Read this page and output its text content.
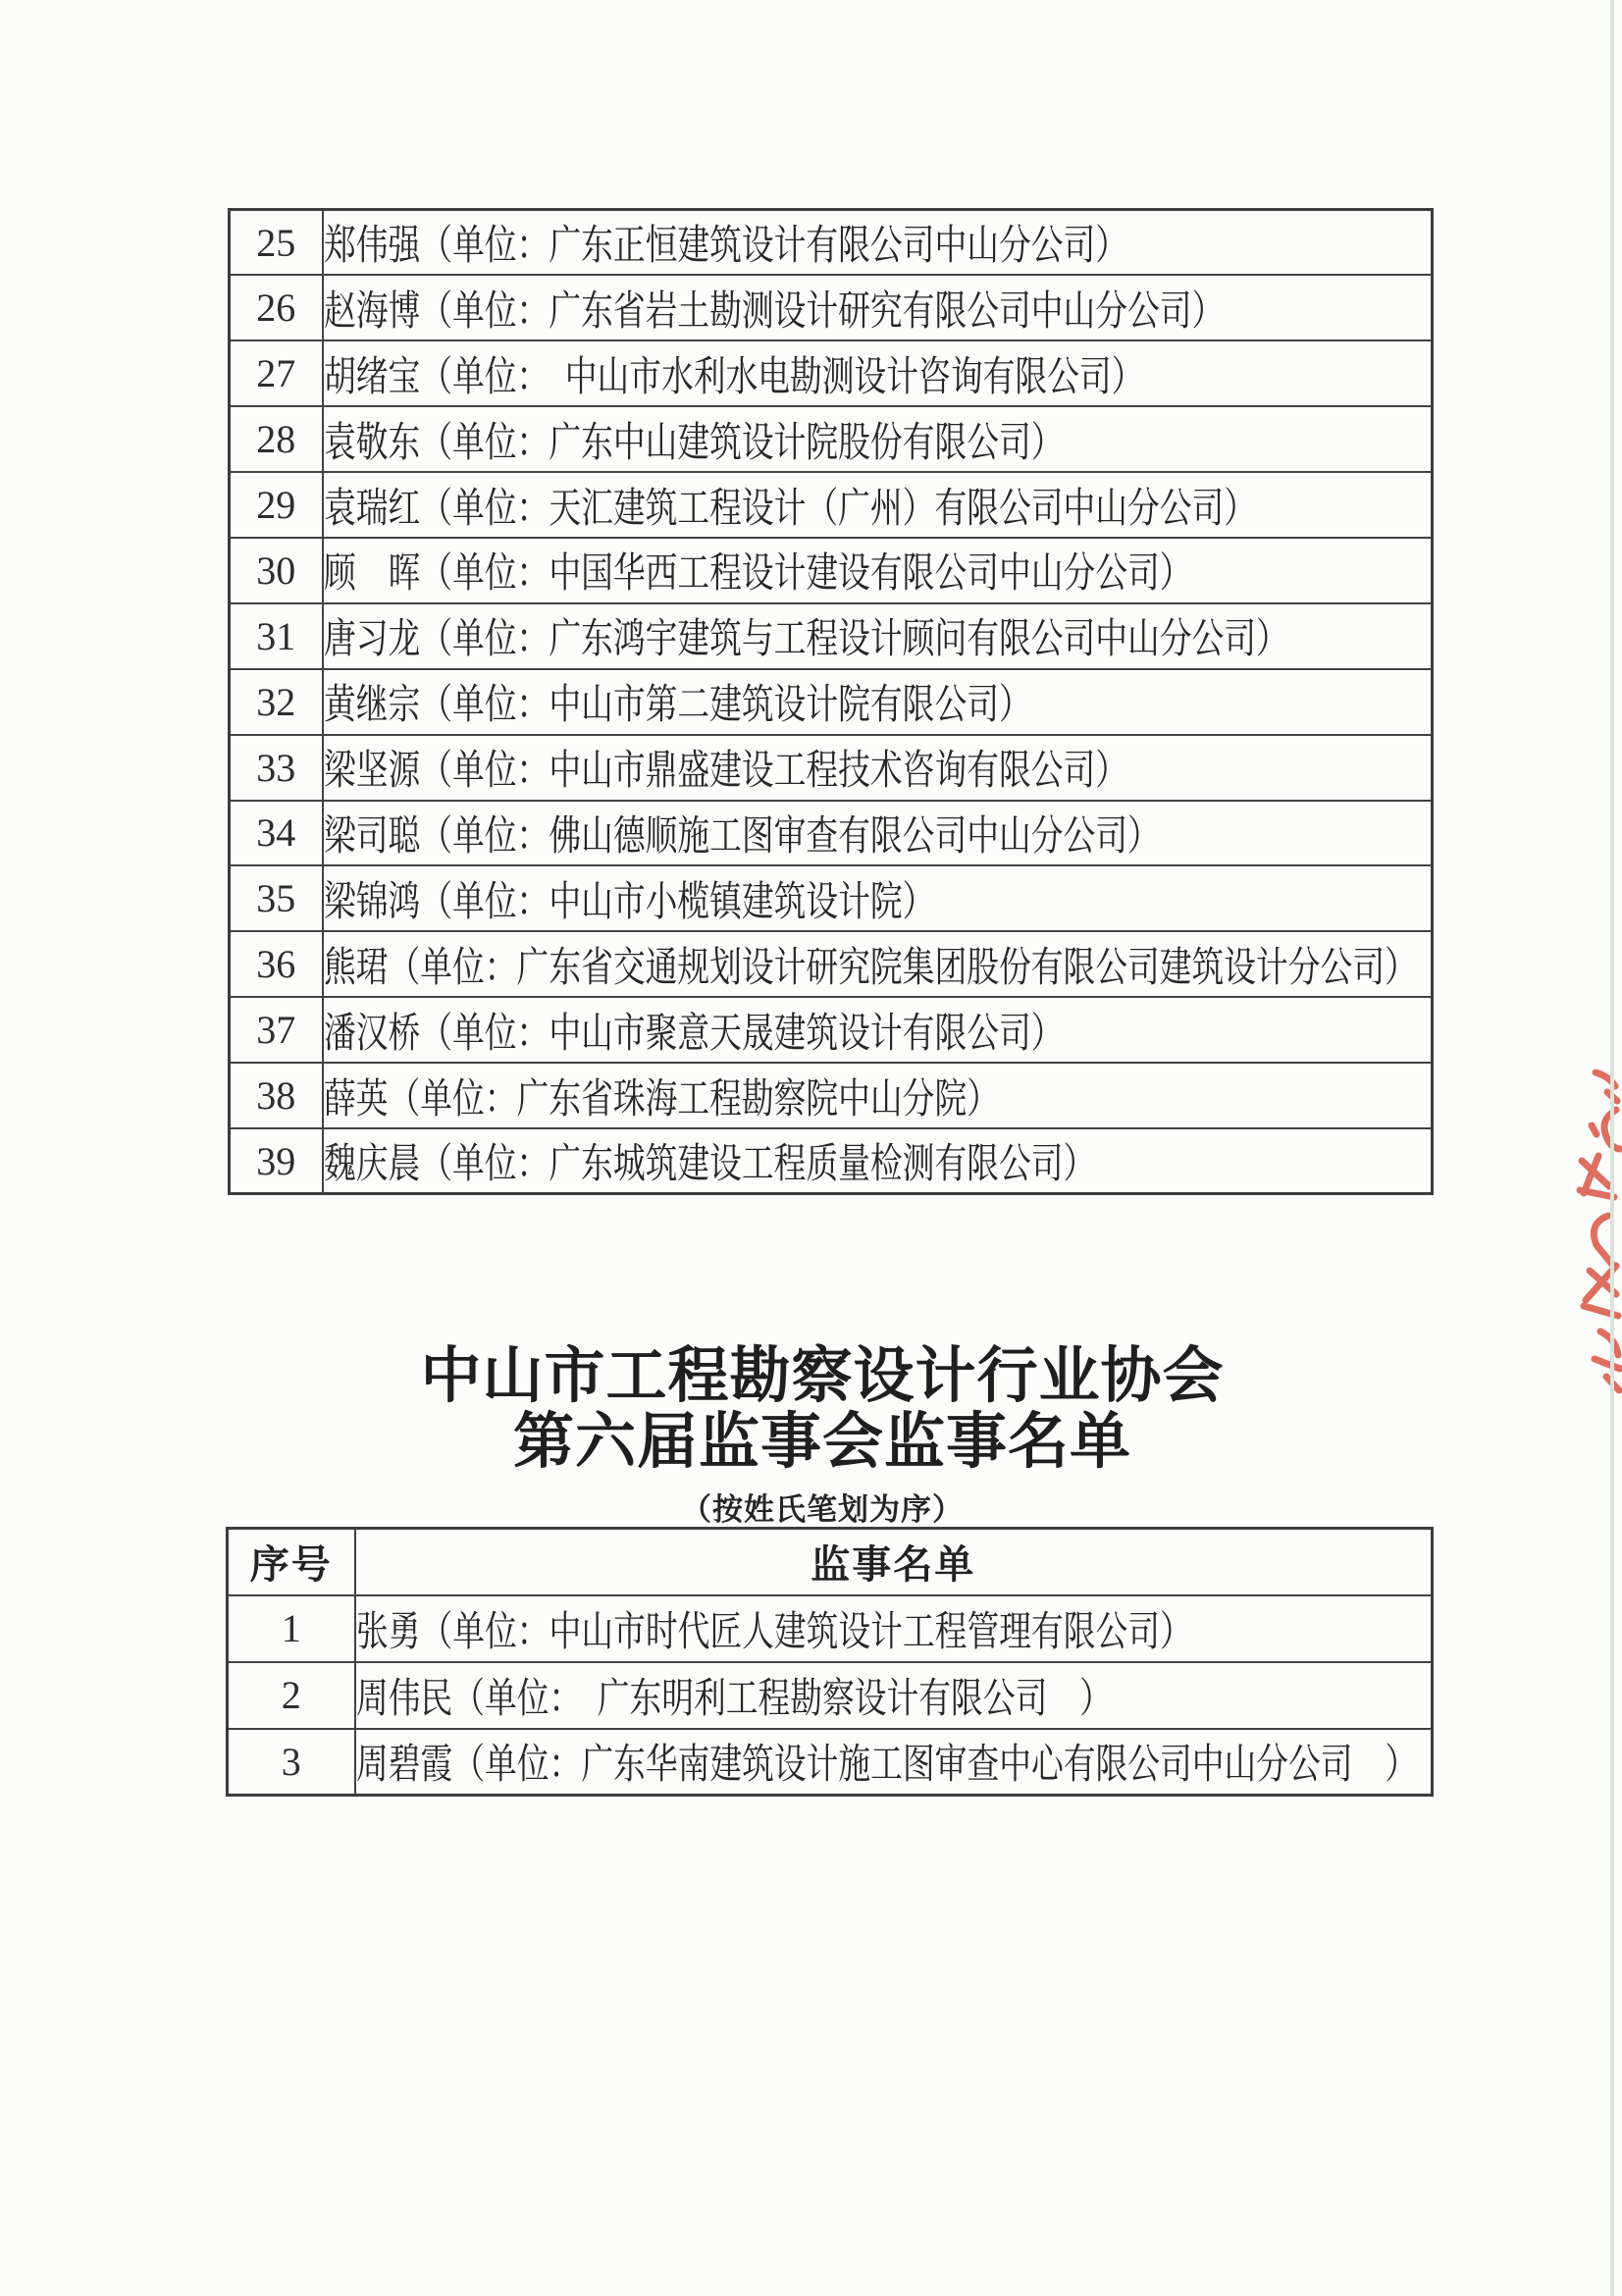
25	郑伟强（单位：广东正恒建筑设计有限公司中山分公司）
26	赵海博（单位：广东省岩土勘测设计研究有限公司中山分公司）
27	胡绪宝（单位：　中山市水利水电勘测设计咨询有限公司）
28	袁敬东（单位：广东中山建筑设计院股份有限公司）
29	袁瑞红（单位：天汇建筑工程设计（广州）有限公司中山分公司）
30	顾　晖（单位：中国华西工程设计建设有限公司中山分公司）
31	唐习龙（单位：广东鸿宇建筑与工程设计顾问有限公司中山分公司）
32	黄继宗（单位：中山市第二建筑设计院有限公司）
33	梁坚源（单位：中山市鼎盛建设工程技术咨询有限公司）
34	梁司聪（单位：佛山德顺施工图审查有限公司中山分公司）
35	梁锦鸿（单位：中山市小榄镇建筑设计院）
36	熊珺（单位：广东省交通规划设计研究院集团股份有限公司建筑设计分公司）
37	潘汉桥（单位：中山市聚意天晟建筑设计有限公司）
38	薛英（单位：广东省珠海工程勘察院中山分院）
39	魏庆晨（单位：广东城筑建设工程质量检测有限公司）
中山市工程勘察设计行业协会
第六届监事会监事名单
（按姓氏笔划为序）
序号	监事名单
1	张勇（单位：中山市时代匠人建筑设计工程管理有限公司）
2	周伟民（单位：　广东明利工程勘察设计有限公司　）
3	周碧霞（单位：广东华南建筑设计施工图审查中心有限公司中山分公司　）
